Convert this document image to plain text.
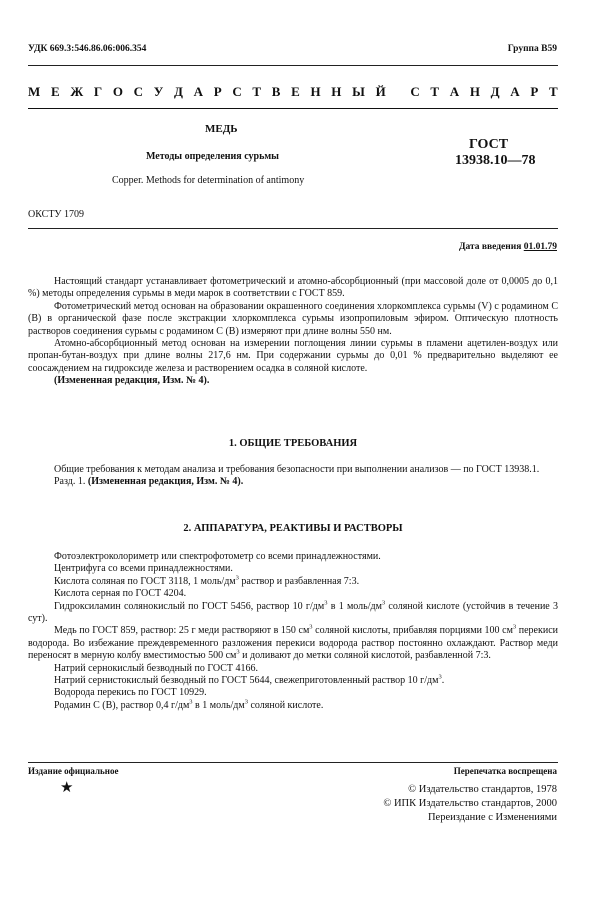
УДК 669.3:546.86.06:006.354	Группа В59
М Е Ж Г О С У Д А Р С Т В Е Н Н Ы Й
С Т А Н Д А Р Т
МЕДЬ
Методы определения сурьмы
Copper. Methods for determination of antimony
ГОСТ
13938.10—78
ОКСТУ 1709
Дата введения 01.01.79

Настоящий стандарт устанавливает фотометрический и атомно-абсорбционный (при массовой доле от 0,0005 до 0,1 %) методы определения сурьмы в меди марок в соответствии с ГОСТ 859.

Фотометрический метод основан на образовании окрашенного соединения хлоркомплекса сурьмы (V) с родамином С (В) в органической фазе после экстракции хлоркомплекса сурьмы изопропиловым эфиром. Оптическую плотность растворов соединения сурьмы с родамином С (В) измеряют при длине волны 550 нм.

Атомно-абсорбционный метод основан на измерении поглощения линии сурьмы в пламени ацетилен-воздух или пропан-бутан-воздух при длине волны 217,6 нм. При содержании сурьмы до 0,01 % предварительно выделяют ее соосаждением на гидроксиде железа и растворением осадка в соляной кислоте.

(Измененная редакция, Изм. № 4).

1. ОБЩИЕ ТРЕБОВАНИЯ

Общие требования к методам анализа и требования безопасности при выполнении анализов — по ГОСТ 13938.1.

Разд. 1. (Измененная редакция, Изм. № 4).

2. АППАРАТУРА, РЕАКТИВЫ И РАСТВОРЫ

Фотоэлектроколориметр или спектрофотометр со всеми принадлежностями.

Центрифуга со всеми принадлежностями.

Кислота соляная по ГОСТ 3118, 1 моль/$дм^3$ раствор и разбавленная 7:3.

Кислота серная по ГОСТ 4204.

Гидроксиламин солянокислый по ГОСТ 5456, раствор 10 $г/дм^3$ в 1 моль/$дм^3$ соляной кислоте (устойчив в течение 3 сут).

Медь по ГОСТ 859, раствор: 25 г меди растворяют в 150 $см^3$ соляной кислоты, прибавляя порциями 100 $см^3$ перекиси водорода. Во избежание преждевременного разложения перекиси водорода раствор постоянно охлаждают. Раствор меди переносят в мерную колбу вместимостью 500 $см^3$ и доливают до метки соляной кислотой, разбавленной 7:3.

Натрий сернокислый безводный по ГОСТ 4166.

Натрий сернистокислый безводный по ГОСТ 5644, свежеприготовленный раствор 10 $г/дм^3$.

Водорода перекись по ГОСТ 10929.

Родамин С (В), раствор 0,4 $г/дм^3$ в 1 моль/$дм^3$ соляной кислоте.

Издание официальное	Перепечатка воспрещена
★	© Издательство стандартов, 1978
© ИПК Издательство стандартов, 2000
Переиздание с Изменениями
